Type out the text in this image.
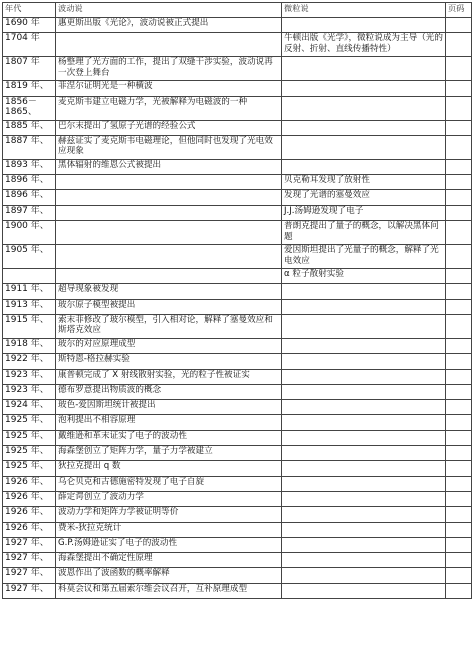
年代	波动说	微粒说	页码
1690 年	惠更斯出版《光论》，波动说被正式提出		
1704 年		牛顿出版《光学》，微粒说成为主导（光的反射、折射、直线传播特性）	
1807 年	杨整理了光方面的工作，提出了双缝干涉实验，波动说再一次登上舞台		
1819 年、	菲涅尔证明光是一种横波		
1856－1865、	麦克斯韦建立电磁力学，光被解释为电磁波的一种		
1885 年、	巴尔末提出了氢原子光谱的经验公式		
1887 年、	赫兹证实了麦克斯韦电磁理论，但他同时也发现了光电效应现象		
1893 年、	黑体辐射的维恩公式被提出		
1896 年、		贝克勒耳发现了放射性	
1896 年、		发现了光谱的塞曼效应	
1897 年、		J.J.汤姆逊发现了电子	
1900 年、		普朗克提出了量子的概念，以解决黑体问题	
1905 年、		爱因斯坦提出了光量子的概念，解释了光电效应	
		α 粒子散射实验	
1911 年、	超导现象被发现		
1913 年、	玻尔原子模型被提出		
1915 年、	索末菲修改了玻尔模型，引入相对论，解释了塞曼效应和斯塔克效应		
1918 年、	玻尔的对应原理成型		
1922 年、	斯特恩-格拉赫实验		
1923 年、	康普顿完成了 X 射线散射实验，光的粒子性被证实		
1923 年、	德布罗意提出物质波的概念		
1924 年、	玻色-爱因斯坦统计被提出		
1925 年、	泡利提出不相容原理		
1925 年、	戴维逊和革末证实了电子的波动性		
1925 年、	海森堡创立了矩阵力学，量子力学被建立		
1925 年、	狄拉克提出 q 数		
1926 年、	乌仑贝克和古德施密特发现了电子自旋		
1926 年、	薛定谔创立了波动力学		
1926 年、	波动力学和矩阵力学被证明等价		
1926 年、	费米-狄拉克统计		
1927 年、	G.P.汤姆逊证实了电子的波动性		
1927 年、	海森堡提出不确定性原理		
1927 年、	波恩作出了波函数的概率解释		
1927 年、	科莫会议和第五届索尔维会议召开，互补原理成型		
